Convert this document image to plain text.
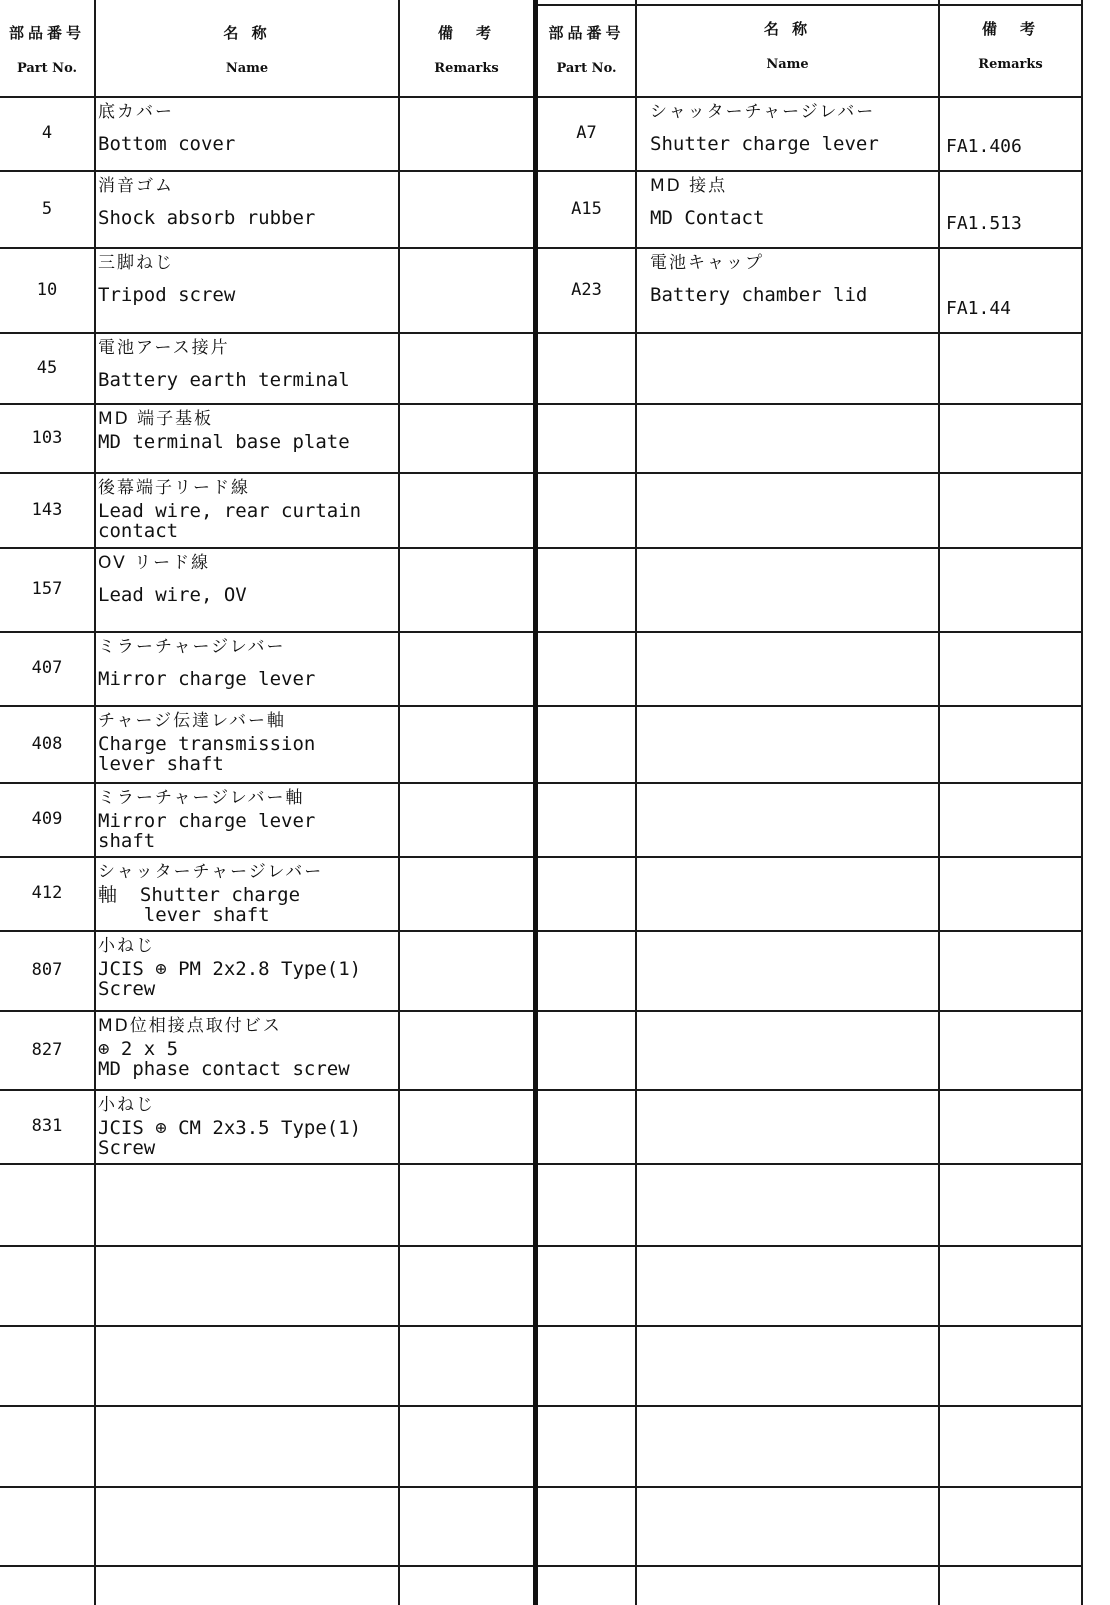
部品番号
Part No.
名 称
Name
備　考
Remarks
部品番号
Part No.
名 称
Name
備　考
Remarks
4
底カバー
Bottom cover
5
消音ゴム
Shock absorb rubber
10
三脚ねじ
Tripod screw
45
電池アース接片
Battery earth terminal
103
MD 端子基板
MD terminal base plate
143
後幕端子リード線
Lead wire, rear curtain
contact
157
OV リード線
Lead wire, OV
407
ミラーチャージレバー
Mirror charge lever
408
チャージ伝達レバー軸
Charge transmission
lever shaft
409
ミラーチャージレバー軸
Mirror charge lever
shaft
412
シャッターチャージレバー
軸  Shutter charge
lever shaft
807
小ねじ
JCIS ⊕ PM 2x2.8 Type(1)
Screw
827
MD位相接点取付ビス
⊕ 2 x 5
MD phase contact screw
831
小ねじ
JCIS ⊕ CM 2x3.5 Type(1)
Screw
A7
シャッターチャージレバー
Shutter charge lever	FA1.406
A15
MD 接点
MD Contact	FA1.513
A23
電池キャップ
Battery chamber lid
FA1.44
